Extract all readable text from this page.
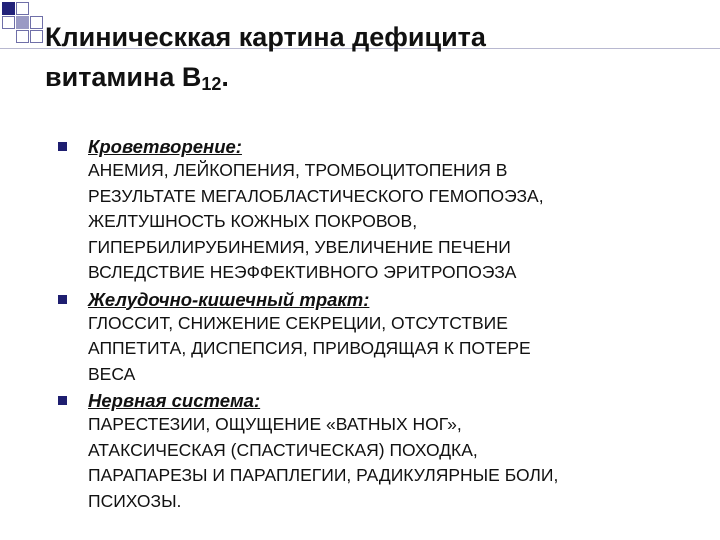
Клиническкая картина дефицита
витамина $В_{12}$.
Кроветворение:
АНЕМИЯ, ЛЕЙКОПЕНИЯ, ТРОМБОЦИТОПЕНИЯ В
РЕЗУЛЬТАТЕ МЕГАЛОБЛАСТИЧЕСКОГО ГЕМОПОЭЗА,
ЖЕЛТУШНОСТЬ КОЖНЫХ ПОКРОВОВ,
ГИПЕРБИЛИРУБИНЕМИЯ, УВЕЛИЧЕНИЕ ПЕЧЕНИ
ВСЛЕДСТВИЕ НЕЭФФЕКТИВНОГО ЭРИТРОПОЭЗА
Желудочно-кишечный тракт:
ГЛОССИТ, СНИЖЕНИЕ СЕКРЕЦИИ, ОТСУТСТВИЕ
АППЕТИТА, ДИСПЕПСИЯ, ПРИВОДЯЩАЯ К ПОТЕРЕ
ВЕСА
Нервная система:
ПАРЕСТЕЗИИ, ОЩУЩЕНИЕ «ВАТНЫХ НОГ»,
АТАКСИЧЕСКАЯ (СПАСТИЧЕСКАЯ) ПОХОДКА,
ПАРАПАРЕЗЫ И ПАРАПЛЕГИИ, РАДИКУЛЯРНЫЕ БОЛИ,
ПСИХОЗЫ.
